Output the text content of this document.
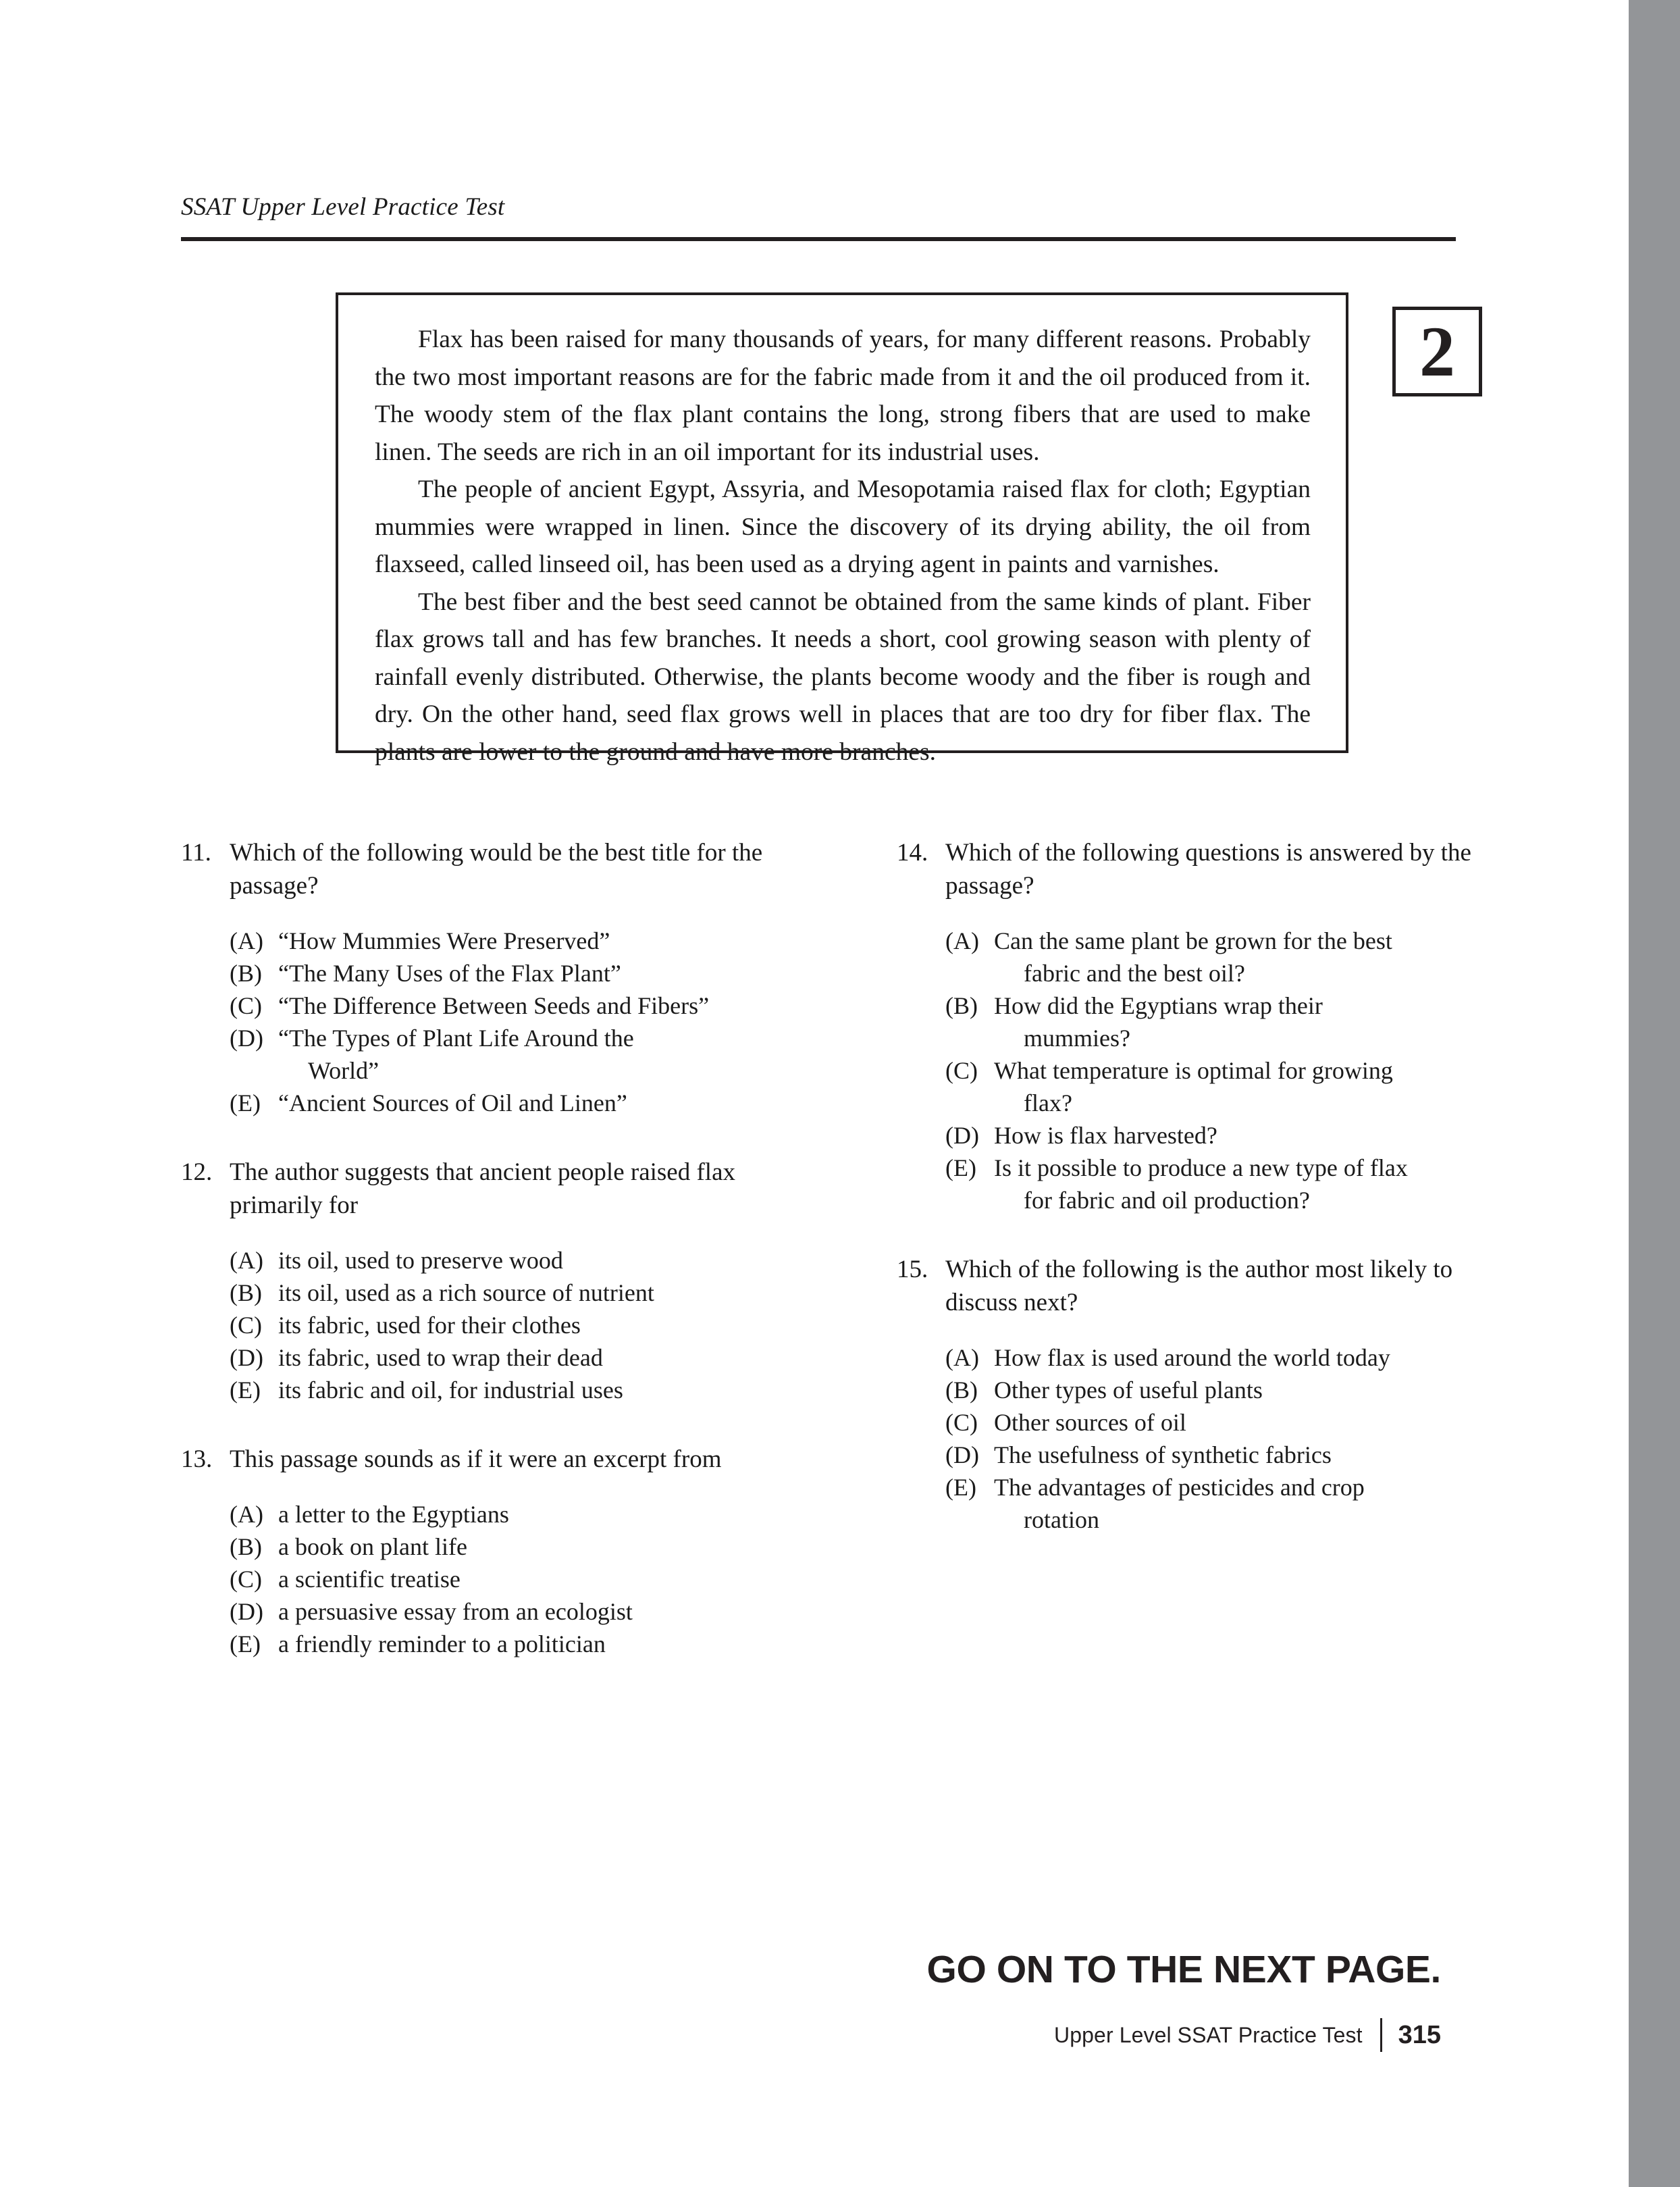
SSAT Upper Level Practice Test

Flax has been raised for many thousands of years, for many different reasons. Probably the two most important reasons are for the fabric made from it and the oil produced from it. The woody stem of the flax plant contains the long, strong fibers that are used to make linen. The seeds are rich in an oil important for its industrial uses.

The people of ancient Egypt, Assyria, and Mesopotamia raised flax for cloth; Egyptian mummies were wrapped in linen. Since the discovery of its drying ability, the oil from flaxseed, called linseed oil, has been used as a drying agent in paints and varnishes.

The best fiber and the best seed cannot be obtained from the same kinds of plant. Fiber flax grows tall and has few branches. It needs a short, cool growing season with plenty of rainfall evenly distributed. Otherwise, the plants become woody and the fiber is rough and dry. On the other hand, seed flax grows well in places that are too dry for fiber flax. The plants are lower to the ground and have more branches.

2
11. Which of the following would be the best title for the passage?
(A) “How Mummies Were Preserved”
(B) “The Many Uses of the Flax Plant”
(C) “The Difference Between Seeds and Fibers”
(D) “The Types of Plant Life Around the
World”
(E) “Ancient Sources of Oil and Linen”
12. The author suggests that ancient people raised flax primarily for
(A) its oil, used to preserve wood
(B) its oil, used as a rich source of nutrient
(C) its fabric, used for their clothes
(D) its fabric, used to wrap their dead
(E) its fabric and oil, for industrial uses
13. This passage sounds as if it were an excerpt from
(A) a letter to the Egyptians
(B) a book on plant life
(C) a scientific treatise
(D) a persuasive essay from an ecologist
(E) a friendly reminder to a politician
14. Which of the following questions is answered by the passage?
(A) Can the same plant be grown for the best
fabric and the best oil?
(B) How did the Egyptians wrap their
mummies?
(C) What temperature is optimal for growing
flax?
(D) How is flax harvested?
(E) Is it possible to produce a new type of flax
for fabric and oil production?
15. Which of the following is the author most likely to discuss next?
(A) How flax is used around the world today
(B) Other types of useful plants
(C) Other sources of oil
(D) The usefulness of synthetic fabrics
(E) The advantages of pesticides and crop
rotation
GO ON TO THE NEXT PAGE.
Upper Level SSAT Practice Test 315
